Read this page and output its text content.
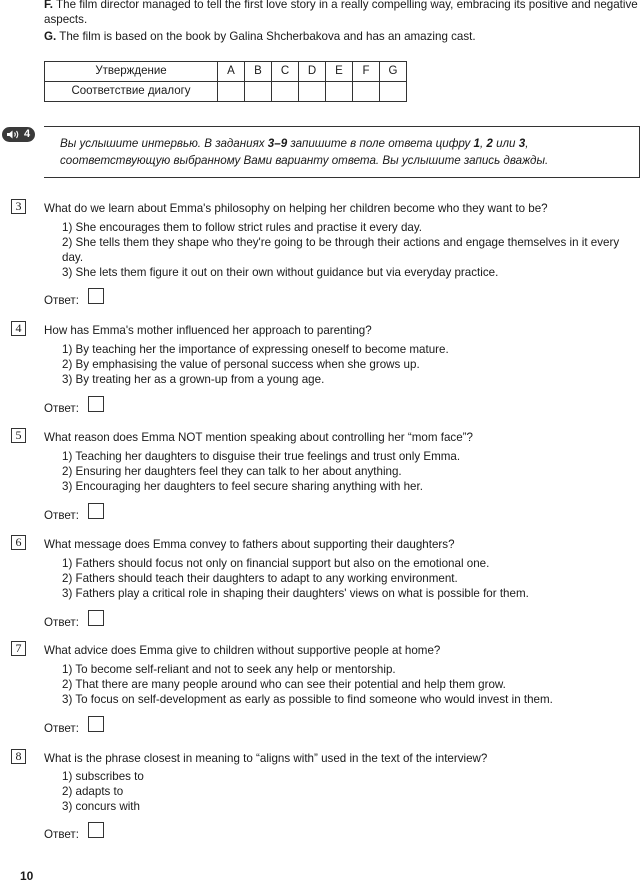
F. The film director managed to tell the first love story in a really compelling way, embracing its positive and negative aspects.
G. The film is based on the book by Galina Shcherbakova and has an amazing cast.
Утверждение	A	B	C	D	E	F	G
Соответствие диалогу							
4
Вы услышите интервью. В заданиях 3–9 запишите в поле ответа цифру 1, 2 или 3, соответствующую выбранному Вами варианту ответа. Вы услышите запись дважды.
3	What do we learn about Emma's philosophy on helping her children become who they want to be?
1) She encourages them to follow strict rules and practise it every day.
2) She tells them they shape who they're going to be through their actions and engage themselves in it every day.
3) She lets them figure it out on their own without guidance but via everyday practice.
Ответ:
4	How has Emma's mother influenced her approach to parenting?
1) By teaching her the importance of expressing oneself to become mature.
2) By emphasising the value of personal success when she grows up.
3) By treating her as a grown-up from a young age.
Ответ:
5	What reason does Emma NOT mention speaking about controlling her “mom face”?
1) Teaching her daughters to disguise their true feelings and trust only Emma.
2) Ensuring her daughters feel they can talk to her about anything.
3) Encouraging her daughters to feel secure sharing anything with her.
Ответ:
6	What message does Emma convey to fathers about supporting their daughters?
1) Fathers should focus not only on financial support but also on the emotional one.
2) Fathers should teach their daughters to adapt to any working environment.
3) Fathers play a critical role in shaping their daughters' views on what is possible for them.
Ответ:
7	What advice does Emma give to children without supportive people at home?
1) To become self-reliant and not to seek any help or mentorship.
2) That there are many people around who can see their potential and help them grow.
3) To focus on self-development as early as possible to find someone who would invest in them.
Ответ:
8	What is the phrase closest in meaning to “aligns with” used in the text of the interview?
1) subscribes to
2) adapts to
3) concurs with
Ответ:
10
